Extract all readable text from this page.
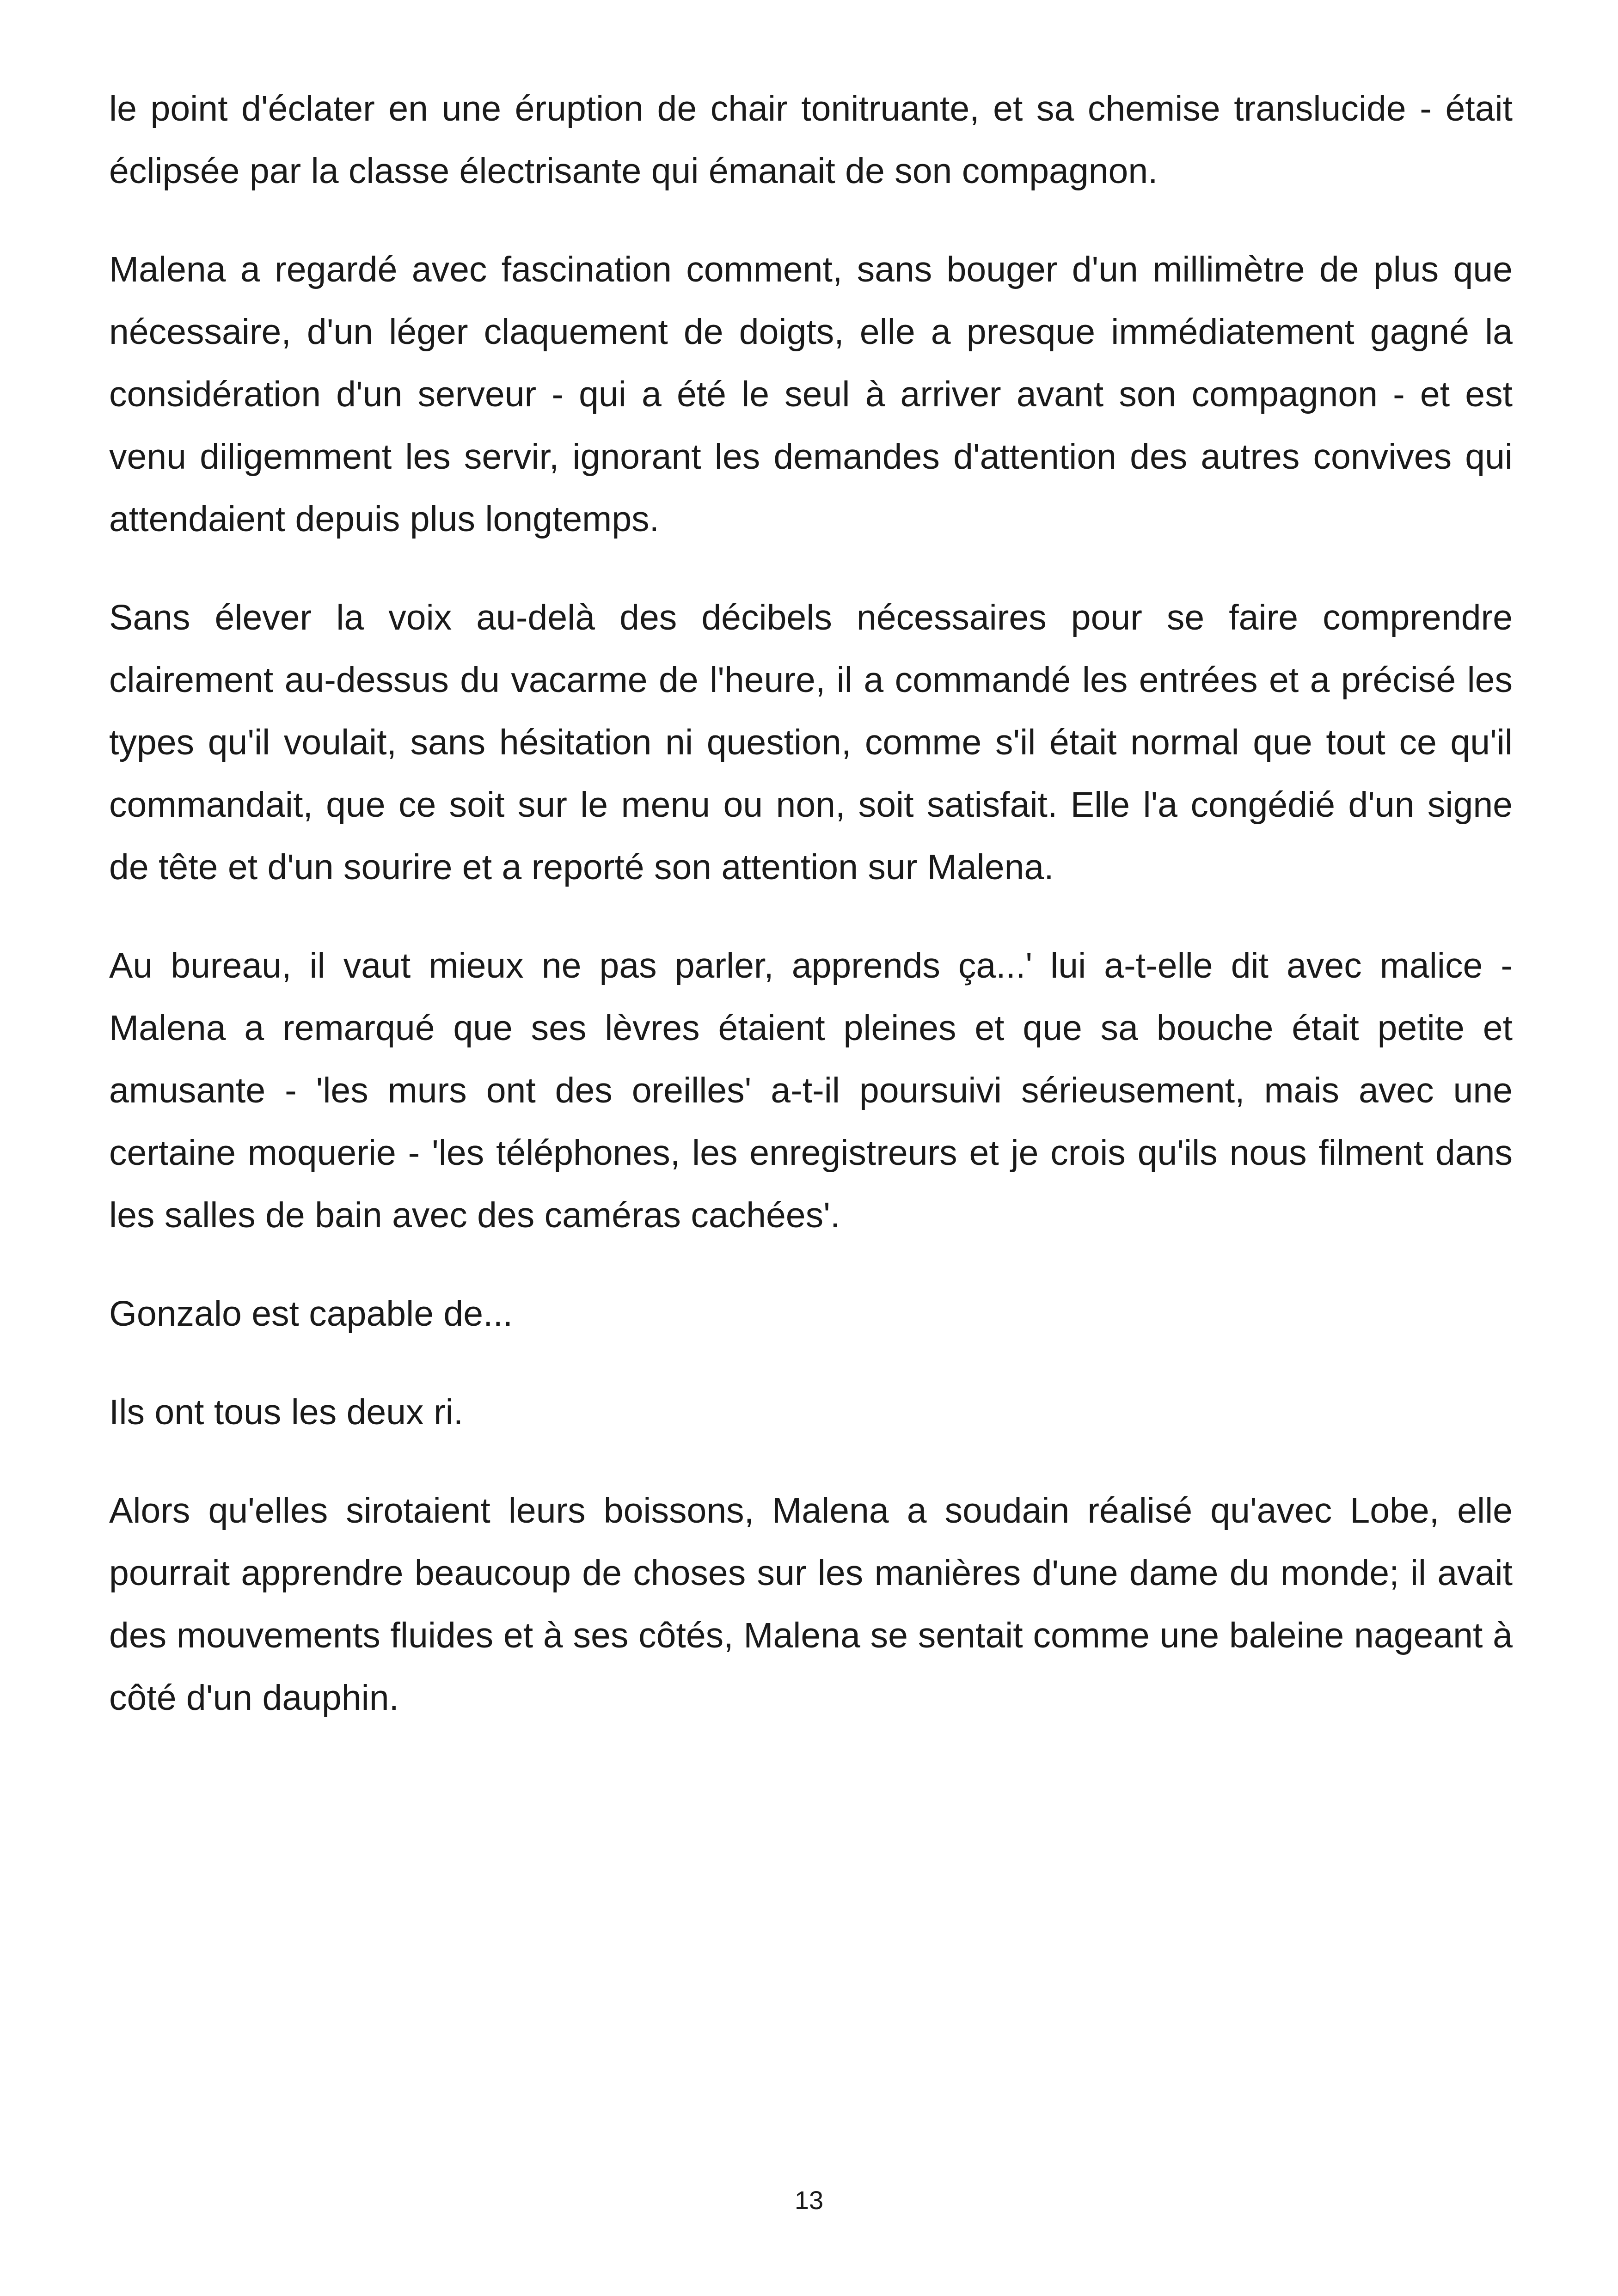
le point d'éclater en une éruption de chair tonitruante, et sa chemise translucide - était éclipsée par la classe électrisante qui émanait de son compagnon.

Malena a regardé avec fascination comment, sans bouger d'un millimètre de plus que nécessaire, d'un léger claquement de doigts, elle a presque immédiatement gagné la considération d'un serveur - qui a été le seul à arriver avant son compagnon - et est venu diligemment les servir, ignorant les demandes d'attention des autres convives qui attendaient depuis plus longtemps.

Sans élever la voix au-delà des décibels nécessaires pour se faire comprendre clairement au-dessus du vacarme de l'heure, il a commandé les entrées et a précisé les types qu'il voulait, sans hésitation ni question, comme s'il était normal que tout ce qu'il commandait, que ce soit sur le menu ou non, soit satisfait. Elle l'a congédié d'un signe de tête et d'un sourire et a reporté son attention sur Malena.

Au bureau, il vaut mieux ne pas parler, apprends ça...' lui a-t-elle dit avec malice - Malena a remarqué que ses lèvres étaient pleines et que sa bouche était petite et amusante - 'les murs ont des oreilles' a-t-il poursuivi sérieusement, mais avec une certaine moquerie - 'les téléphones, les enregistreurs et je crois qu'ils nous filment dans les salles de bain avec des caméras cachées'.

Gonzalo est capable de...

Ils ont tous les deux ri.

Alors qu'elles sirotaient leurs boissons, Malena a soudain réalisé qu'avec Lobe, elle pourrait apprendre beaucoup de choses sur les manières d'une dame du monde; il avait des mouvements fluides et à ses côtés, Malena se sentait comme une baleine nageant à côté d'un dauphin.

13
